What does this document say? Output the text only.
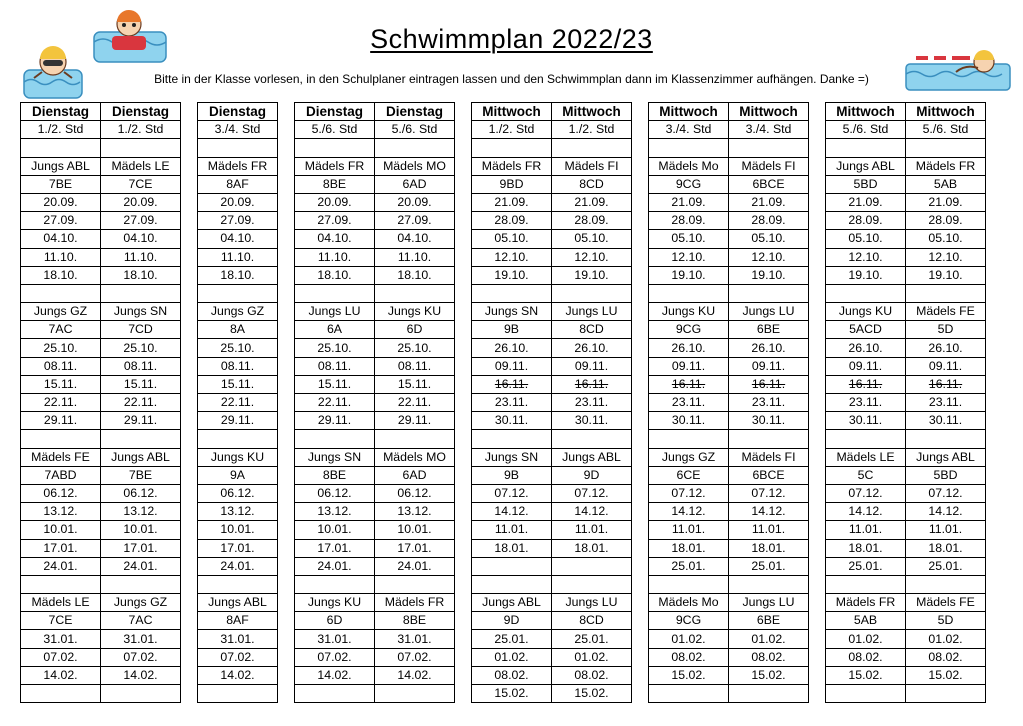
Schwimmplan 2022/23
Bitte in der Klasse vorlesen, in den Schulplaner eintragen lassen und den Schwimmplan dann im Klassenzimmer aufhängen. Danke =)
Dienstag	Dienstag		Dienstag		Dienstag	Dienstag		Mittwoch	Mittwoch		Mittwoch	Mittwoch		Mittwoch	Mittwoch
1./2. Std	1./2. Std		3./4. Std		5./6. Std	5./6. Std		1./2. Std	1./2. Std		3./4. Std	3./4. Std		5./6. Std	5./6. Std

Jungs ABL	Mädels LE		Mädels FR		Mädels FR	Mädels MO		Mädels FR	Mädels FI		Mädels Mo	Mädels FI		Jungs ABL	Mädels FR
7BE	7CE		8AF		8BE	6AD		9BD	8CD		9CG	6BCE		5BD	5AB
20.09.	20.09.		20.09.		20.09.	20.09.		21.09.	21.09.		21.09.	21.09.		21.09.	21.09.
27.09.	27.09.		27.09.		27.09.	27.09.		28.09.	28.09.		28.09.	28.09.		28.09.	28.09.
04.10.	04.10.		04.10.		04.10.	04.10.		05.10.	05.10.		05.10.	05.10.		05.10.	05.10.
11.10.	11.10.		11.10.		11.10.	11.10.		12.10.	12.10.		12.10.	12.10.		12.10.	12.10.
18.10.	18.10.		18.10.		18.10.	18.10.		19.10.	19.10.		19.10.	19.10.		19.10.	19.10.

Jungs GZ	Jungs SN		Jungs GZ		Jungs LU	Jungs KU		Jungs SN	Jungs LU		Jungs KU	Jungs LU		Jungs KU	Mädels FE
7AC	7CD		8A		6A	6D		9B	8CD		9CG	6BE		5ACD	5D
25.10.	25.10.		25.10.		25.10.	25.10.		26.10.	26.10.		26.10.	26.10.		26.10.	26.10.
08.11.	08.11.		08.11.		08.11.	08.11.		09.11.	09.11.		09.11.	09.11.		09.11.	09.11.
15.11.	15.11.		15.11.		15.11.	15.11.		16.11.	16.11.		16.11.	16.11.		16.11.	16.11.
22.11.	22.11.		22.11.		22.11.	22.11.		23.11.	23.11.		23.11.	23.11.		23.11.	23.11.
29.11.	29.11.		29.11.		29.11.	29.11.		30.11.	30.11.		30.11.	30.11.		30.11.	30.11.

Mädels FE	Jungs ABL		Jungs KU		Jungs SN	Mädels MO		Jungs SN	Jungs ABL		Jungs GZ	Mädels FI		Mädels LE	Jungs ABL
7ABD	7BE		9A		8BE	6AD		9B	9D		6CE	6BCE		5C	5BD
06.12.	06.12.		06.12.		06.12.	06.12.		07.12.	07.12.		07.12.	07.12.		07.12.	07.12.
13.12.	13.12.		13.12.		13.12.	13.12.		14.12.	14.12.		14.12.	14.12.		14.12.	14.12.
10.01.	10.01.		10.01.		10.01.	10.01.		11.01.	11.01.		11.01.	11.01.		11.01.	11.01.
17.01.	17.01.		17.01.		17.01.	17.01.		18.01.	18.01.		18.01.	18.01.		18.01.	18.01.
24.01.	24.01.		24.01.		24.01.	24.01.					25.01.	25.01.		25.01.	25.01.

Mädels LE	Jungs GZ		Jungs ABL		Jungs KU	Mädels FR		Jungs ABL	Jungs LU		Mädels Mo	Jungs LU		Mädels FR	Mädels FE
7CE	7AC		8AF		6D	8BE		9D	8CD		9CG	6BE		5AB	5D
31.01.	31.01.		31.01.		31.01.	31.01.		25.01.	25.01.		01.02.	01.02.		01.02.	01.02.
07.02.	07.02.		07.02.		07.02.	07.02.		01.02.	01.02.		08.02.	08.02.		08.02.	08.02.
14.02.	14.02.		14.02.		14.02.	14.02.		08.02.	08.02.		15.02.	15.02.		15.02.	15.02.
								15.02.	15.02.						
